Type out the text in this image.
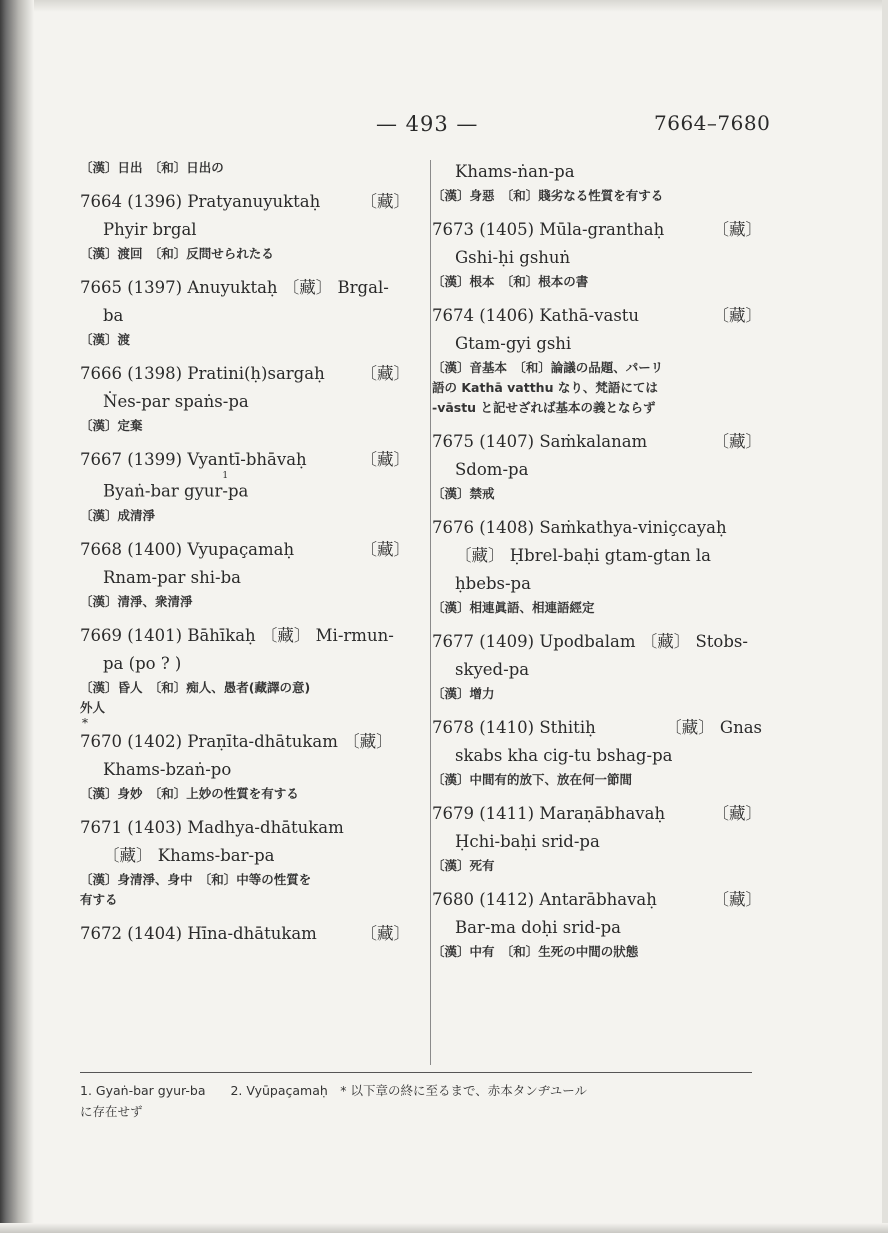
— 493 —	7664–7680
〔漢〕日出　〔和〕日出の
7664 (1396) Pratyanuyuktaḥ	〔藏〕
Phyir brgal
〔漢〕渡回　〔和〕反問せられたる
7665 (1397) Anuyuktaḥ 〔藏〕 Brgal-
ba
〔漢〕渡
7666 (1398) Pratini(ḥ)sargaḥ	〔藏〕
Ṅes-par spaṅs-pa
〔漢〕定棄
7667 (1399) Vyantī-bhāvaḥ	〔藏〕
Byaṅ-bar gyur-$pa^1$
〔漢〕成清淨
7668 (1400) Vyupaçamaḥ	〔藏〕
Rnam-par shi-ba
〔漢〕清淨、衆清淨
7669 (1401) Bāhīkaḥ 〔藏〕 Mi-rmun-
pa (po ? )
〔漢〕昏人　〔和〕痴人、愚者(藏譯の意)
外人
*
7670 (1402) Praṇīta-dhātukam 〔藏〕
Khams-bzaṅ-po
〔漢〕身妙　〔和〕上妙の性質を有する
7671 (1403) Madhya-dhātukam
〔藏〕 Khams-bar-pa
〔漢〕身清淨、身中　〔和〕中等の性質を
有する
7672 (1404) Hīna-dhātukam	〔藏〕
Khams-ṅan-pa
〔漢〕身惡　〔和〕賤劣なる性質を有する
7673 (1405) Mūla-granthaḥ	〔藏〕
Gshi-ḥi gshuṅ
〔漢〕根本　〔和〕根本の書
7674 (1406) Kathā-vastu	〔藏〕
Gtam-gyi gshi
〔漢〕音基本　〔和〕論議の品題、パーリ
語の Kathā vatthu なり、梵語にては
-vāstu と記せざれば基本の義とならず
7675 (1407) Saṁkalanam	〔藏〕
Sdom-pa
〔漢〕禁戒
7676 (1408) Saṁkathya-viniçcayaḥ
〔藏〕 Ḥbrel-baḥi gtam-gtan la
ḥbebs-pa
〔漢〕相連眞語、相連語經定
7677 (1409) Upodbalam 〔藏〕 Stobs-
skyed-pa
〔漢〕增力
7678 (1410) Sthitiḥ	〔藏〕 Gnas
skabs kha cig-tu bshag-pa
〔漢〕中間有的放下、放在何一節間
7679 (1411) Maraṇābhavaḥ	〔藏〕
Ḥchi-baḥi srid-pa
〔漢〕死有
7680 (1412) Antarābhavaḥ	〔藏〕
Bar-ma doḥi srid-pa
〔漢〕中有　〔和〕生死の中間の狀態
1. Gyaṅ-bar gyur-ba　　2. Vyūpaçamaḥ　* 以下章の終に至るまで、赤本タンヂユール
に存在せず
